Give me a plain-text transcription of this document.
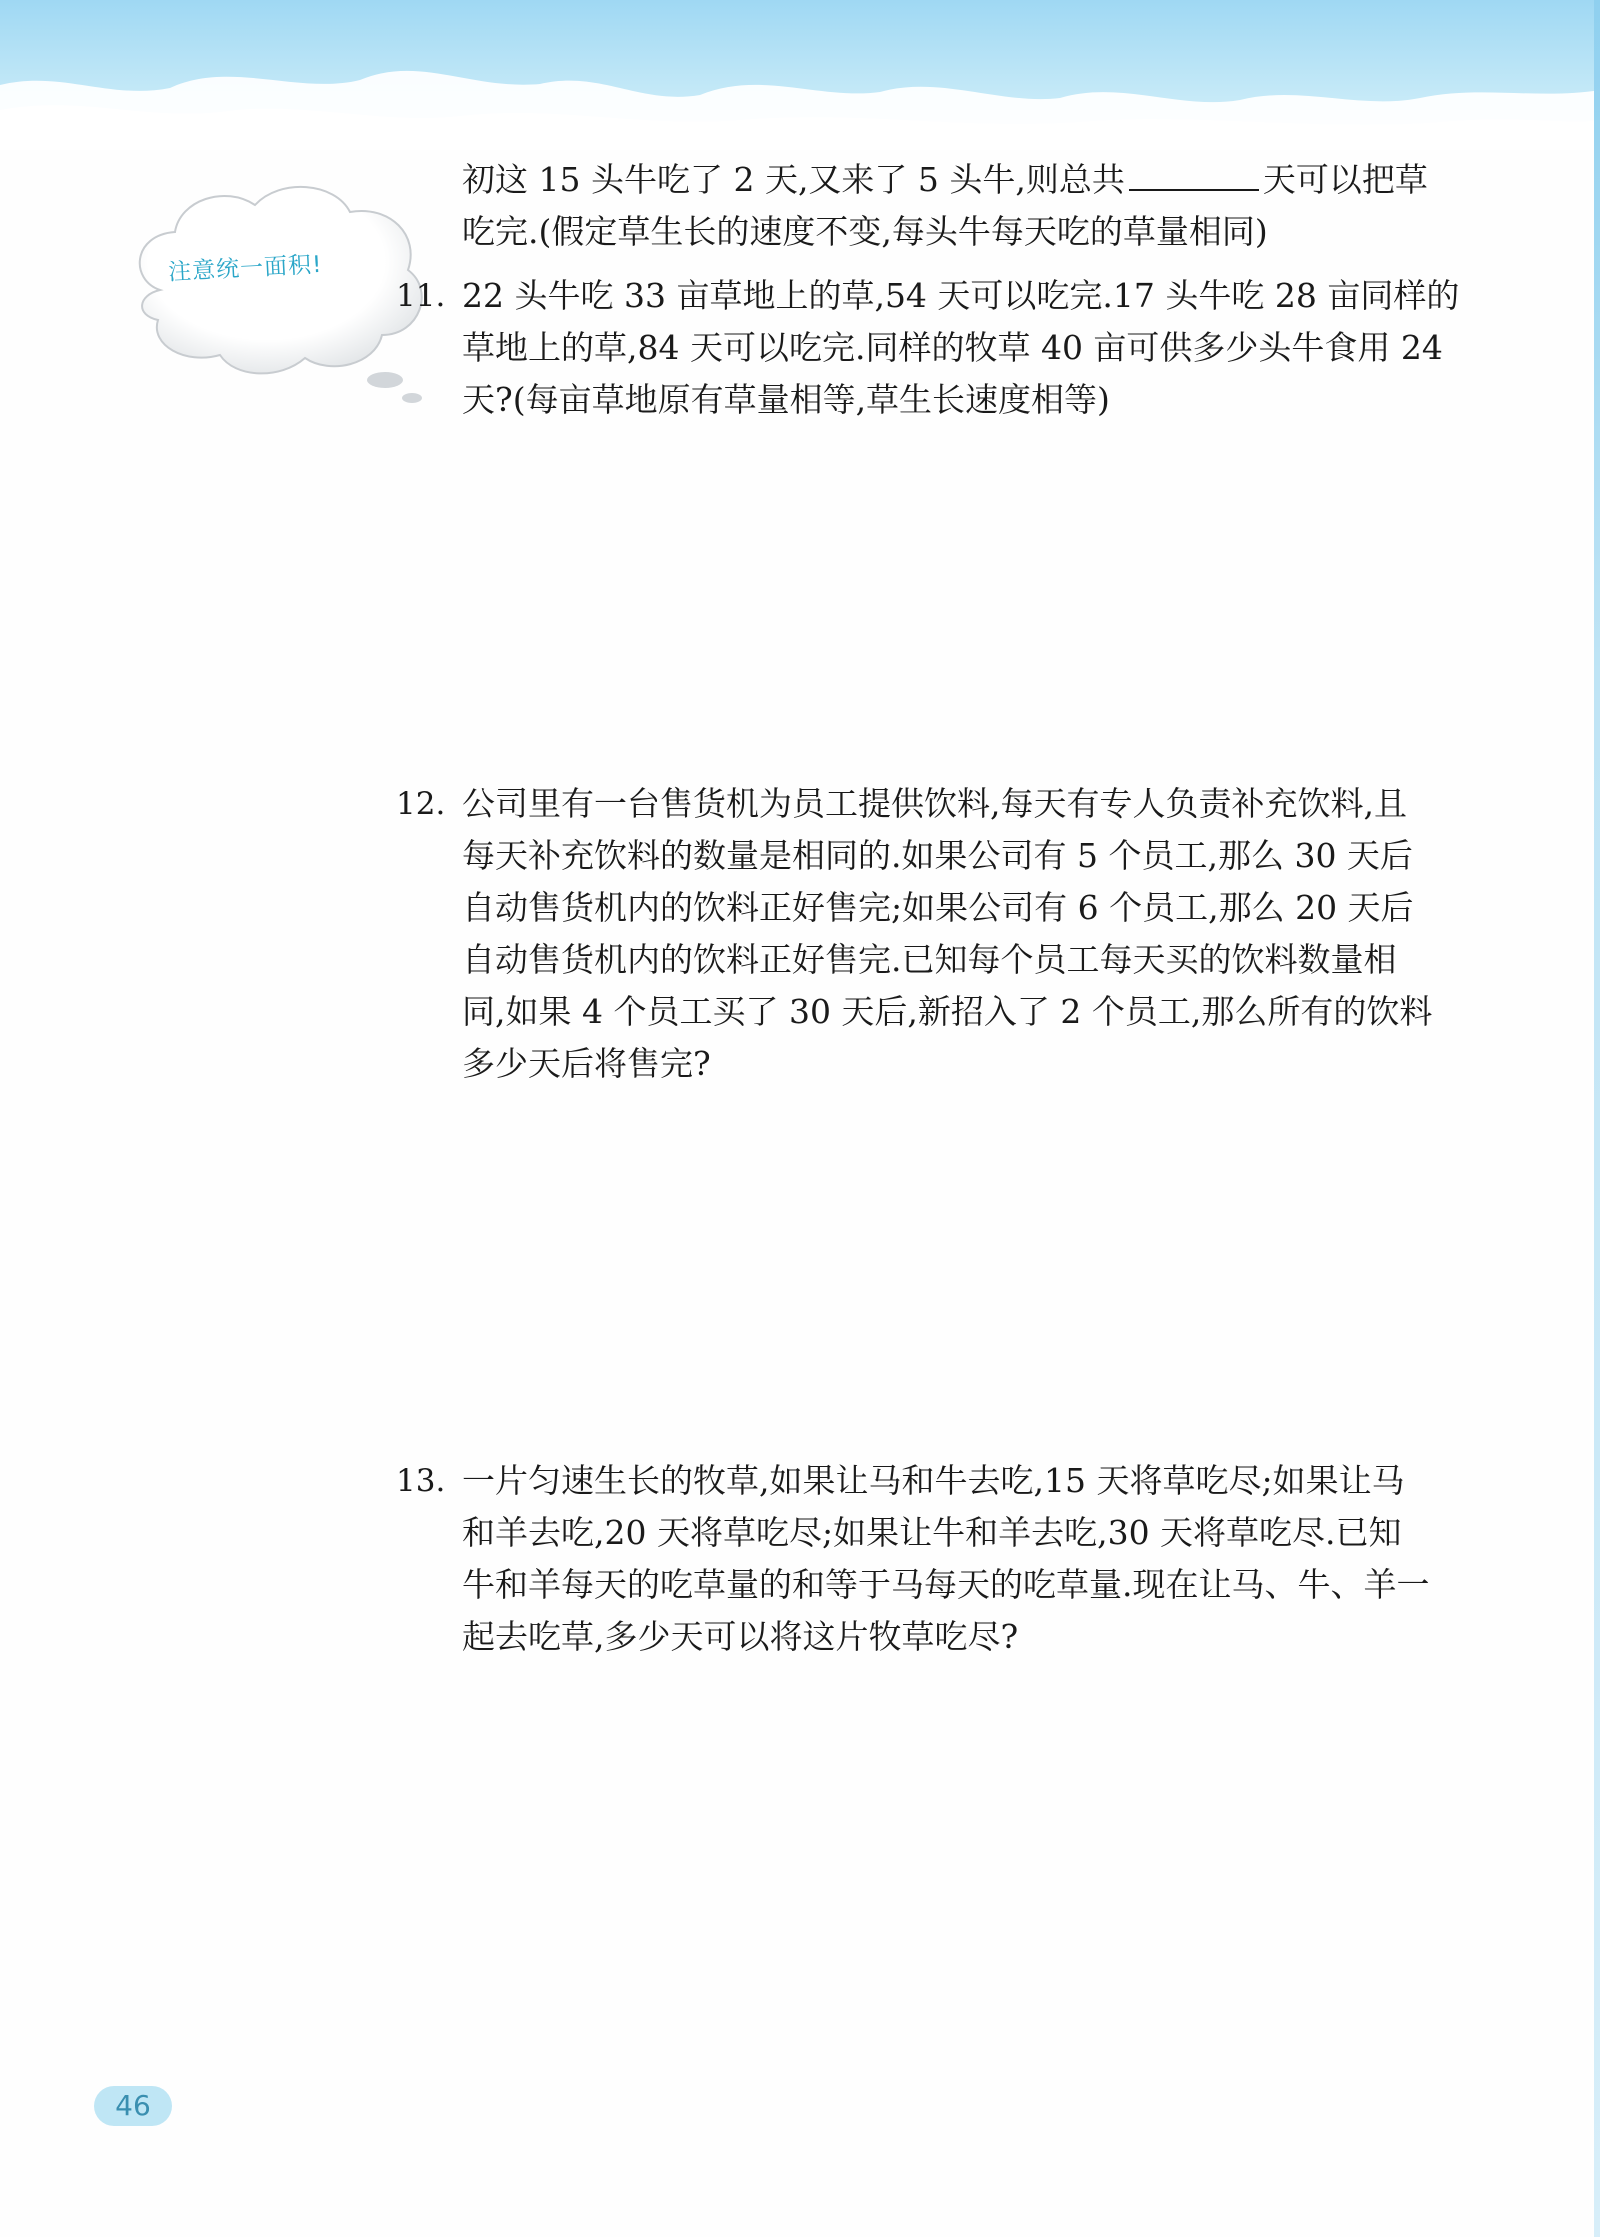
注意统一面积!
初这 15 头牛吃了 2 天,又来了 5 头牛,则总共	天可以把草
吃完.(假定草生长的速度不变,每头牛每天吃的草量相同)
11. 22 头牛吃 33 亩草地上的草,54 天可以吃完.17 头牛吃 28 亩同样的
草地上的草,84 天可以吃完.同样的牧草 40 亩可供多少头牛食用 24
天?(每亩草地原有草量相等,草生长速度相等)
12. 公司里有一台售货机为员工提供饮料,每天有专人负责补充饮料,且
每天补充饮料的数量是相同的.如果公司有 5 个员工,那么 30 天后
自动售货机内的饮料正好售完;如果公司有 6 个员工,那么 20 天后
自动售货机内的饮料正好售完.已知每个员工每天买的饮料数量相
同,如果 4 个员工买了 30 天后,新招入了 2 个员工,那么所有的饮料
多少天后将售完?
13. 一片匀速生长的牧草,如果让马和牛去吃,15 天将草吃尽;如果让马
和羊去吃,20 天将草吃尽;如果让牛和羊去吃,30 天将草吃尽.已知
牛和羊每天的吃草量的和等于马每天的吃草量.现在让马、牛、羊一
起去吃草,多少天可以将这片牧草吃尽?
46
